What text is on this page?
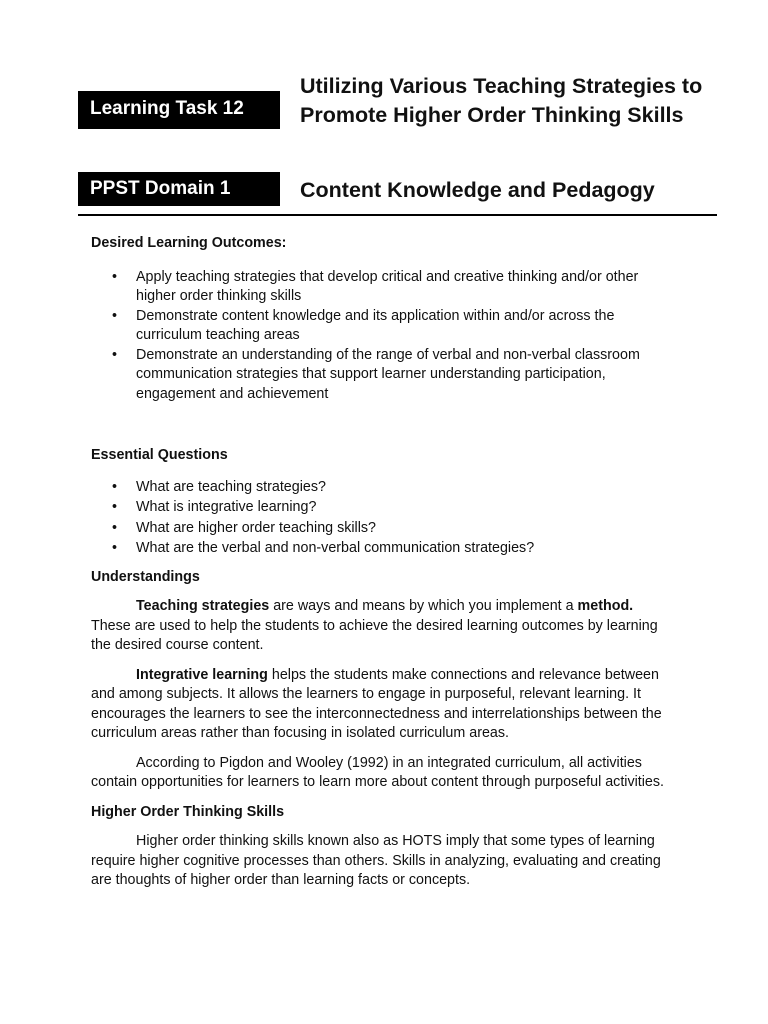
Learning Task 12
Utilizing Various Teaching Strategies to Promote Higher Order Thinking Skills
PPST Domain 1	Content Knowledge and Pedagogy
Desired Learning Outcomes:
• Apply teaching strategies that develop critical and creative thinking and/or other higher order thinking skills
• Demonstrate content knowledge and its application within and/or across the curriculum teaching areas
• Demonstrate an understanding of the range of verbal and non-verbal classroom communication strategies that support learner understanding participation, engagement and achievement
Essential Questions
• What are teaching strategies?
• What is integrative learning?
• What are higher order teaching skills?
• What are the verbal and non-verbal communication strategies?
Understandings

Teaching strategies are ways and means by which you implement a method. These are used to help the students to achieve the desired learning outcomes by learning the desired course content.

Integrative learning helps the students make connections and relevance between and among subjects. It allows the learners to engage in purposeful, relevant learning. It encourages the learners to see the interconnectedness and interrelationships between the curriculum areas rather than focusing in isolated curriculum areas.

According to Pigdon and Wooley (1992) in an integrated curriculum, all activities contain opportunities for learners to learn more about content through purposeful activities.

Higher Order Thinking Skills

Higher order thinking skills known also as HOTS imply that some types of learning require higher cognitive processes than others. Skills in analyzing, evaluating and creating are thoughts of higher order than learning facts or concepts.
